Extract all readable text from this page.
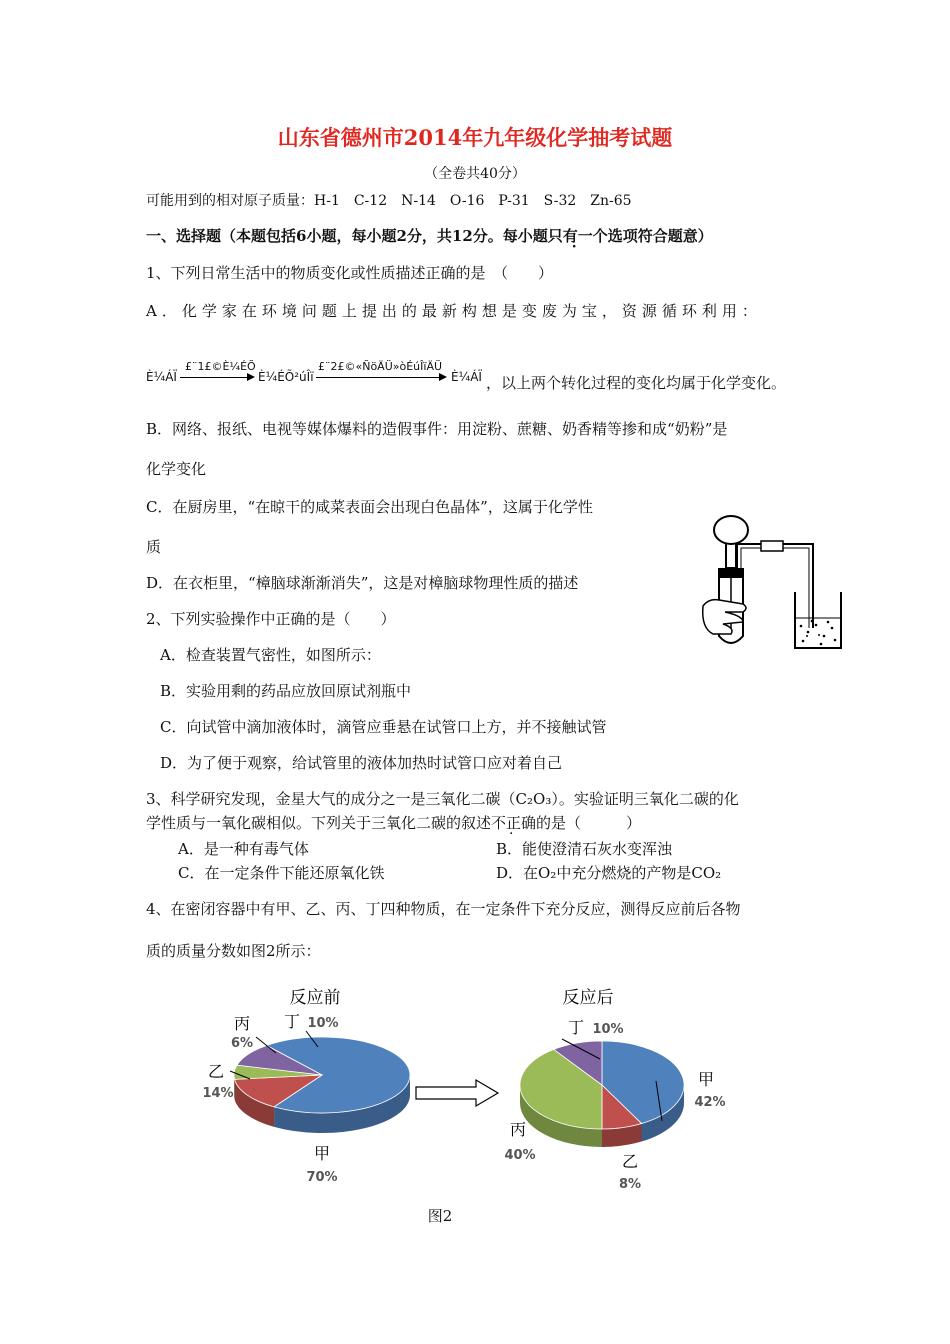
山东省德州市2014年九年级化学抽考试题
（全卷共40分）
可能用到的相对原子质量：H-1　C-12　N-14　O-16　P-31　S-32　Zn-65
一、选择题（本题包括6小题，每小题2分，共12分。每小题只有一个选项符合题意）
1、下列日常生活中的物质变化或性质描述正确的是　（　　）
A．化学家在环境问题上提出的最新构想是变废为宝，资源循环利用：
È¼ÁÏ
£¨1£©È¼ÉÕ
È¼ÉÕ²úÎï
£¨2£©«ÑöÄÜ»òÉúÎïÄÜ
È¼ÁÏ ，以上两个转化过程的变化均属于化学变化。
B．网络、报纸、电视等媒体爆料的造假事件：用淀粉、蔗糖、奶香精等掺和成“奶粉”是
化学变化
C．在厨房里，“在晾干的咸菜表面会出现白色晶体”，这属于化学性
质
D．在衣柜里，“樟脑球渐渐消失”，这是对樟脑球物理性质的描述
2、下列实验操作中正确的是（　　）
A．检查装置气密性，如图所示：
B．实验用剩的药品应放回原试剂瓶中
C．向试管中滴加液体时，滴管应垂悬在试管口上方，并不接触试管
D．为了便于观察，给试管里的液体加热时试管口应对着自己
3、科学研究发现，金星大气的成分之一是三氧化二碳（C₂O₃）。实验证明三氧化二碳的化
学性质与一氧化碳相似。下列关于三氧化二碳的叙述不正确的是（　　　）
A．是一种有毒气体	B．能使澄清石灰水变浑浊
C．在一定条件下能还原氧化铁	D．在O₂中充分燃烧的产物是CO₂
4、在密闭容器中有甲、乙、丙、丁四种物质，在一定条件下充分反应，测得反应前后各物
质的质量分数如图2所示：
反应前
丙
6%
丁 10%
乙
14%
甲
70%
反应后
丁 10%
甲
42%
丙
40%	乙
8%
图2
